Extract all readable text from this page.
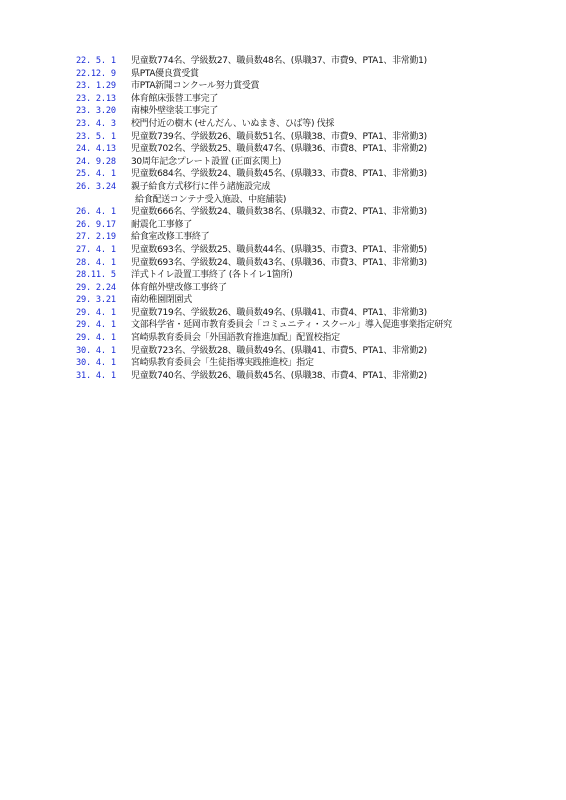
22. 5. 1	児童数774名、学級数27、職員数48名、(県職37、市費9、PTA1、非常勤1)
22.12. 9	県PTA優良賞受賞
23. 1.29	市PTA新聞コンクール努力賞受賞
23. 2.13	体育館床張替工事完了
23. 3.20	南棟外壁塗装工事完了
23. 4. 3	校門付近の樹木 (せんだん、いぬまき、ひば等) 伐採
23. 5. 1	児童数739名、学級数26、職員数51名、(県職38、市費9、PTA1、非常勤3)
24. 4.13	児童数702名、学級数25、職員数47名、(県職36、市費8、PTA1、非常勤2)
24. 9.28	30周年記念プレート設置 (正面玄関上)
25. 4. 1	児童数684名、学級数24、職員数45名、(県職33、市費8、PTA1、非常勤3)
26. 3.24	親子給食方式移行に伴う諸施設完成
給食配送コンテナ受入施設、中庭舗装)
26. 4. 1	児童数666名、学級数24、職員数38名、(県職32、市費2、PTA1、非常勤3)
26. 9.17	耐震化工事修了
27. 2.19	給食室改修工事終了
27. 4. 1	児童数693名、学級数25、職員数44名、(県職35、市費3、PTA1、非常勤5)
28. 4. 1	児童数693名、学級数24、職員数43名、(県職36、市費3、PTA1、非常勤3)
28.11. 5	洋式トイレ設置工事終了 (各トイレ1箇所)
29. 2.24	体育館外壁改修工事終了
29. 3.21	南幼稚園閉園式
29. 4. 1	児童数719名、学級数26、職員数49名、(県職41、市費4、PTA1、非常勤3)
29. 4. 1	文部科学省・延岡市教育委員会「コミュニティ・スクール」導入促進事業指定研究
29. 4. 1	宮崎県教育委員会「外国語教育推進加配」配置校指定
30. 4. 1	児童数723名、学級数28、職員数49名、(県職41、市費5、PTA1、非常勤2)
30. 4. 1	宮崎県教育委員会「生徒指導実践推進校」指定
31. 4. 1	児童数740名、学級数26、職員数45名、(県職38、市費4、PTA1、非常勤2)
